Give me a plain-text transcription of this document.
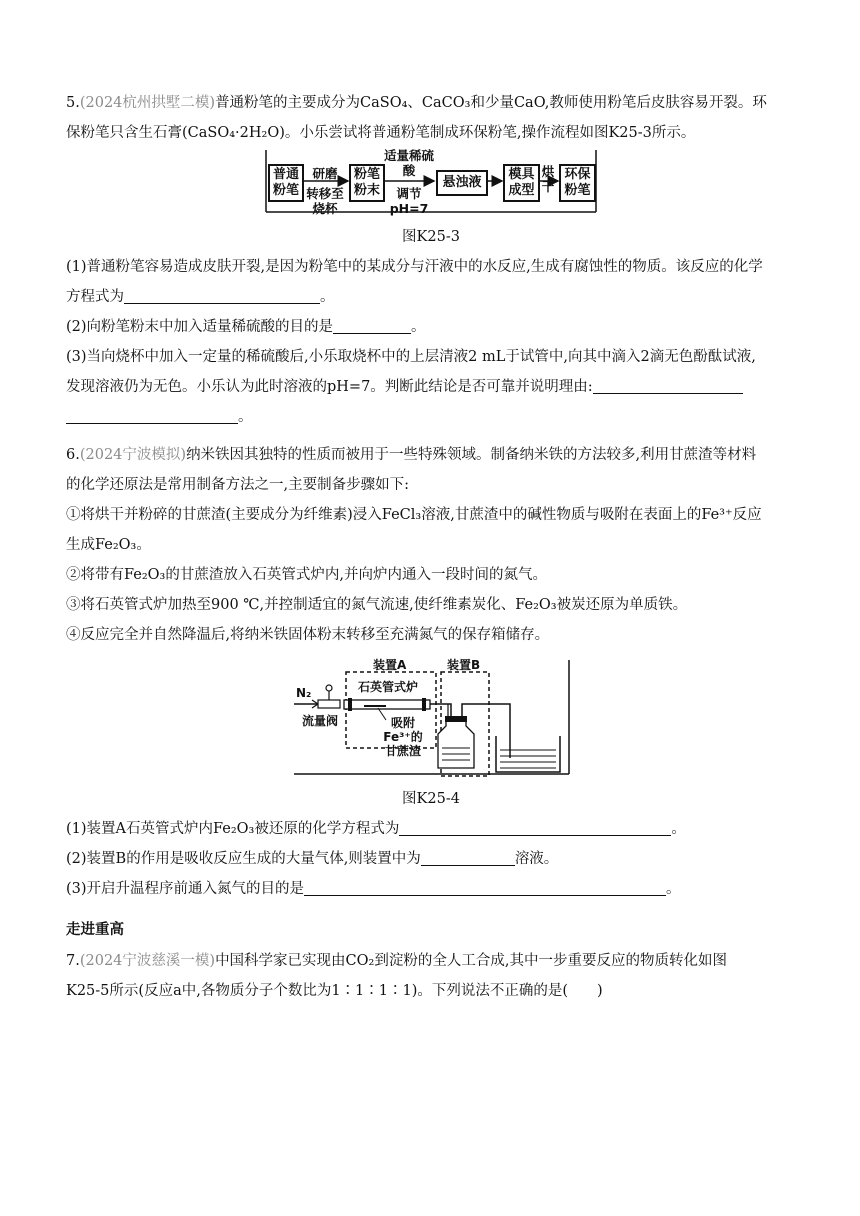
5.(2024杭州拱墅二模)普通粉笔的主要成分为CaSO₄、CaCO₃和少量CaO,教师使用粉笔后皮肤容易开裂。环

保粉笔只含生石膏(CaSO₄·2H₂O)。小乐尝试将普通粉笔制成环保粉笔,操作流程如图K25-3所示。

普通粉笔
研磨
转移至烧杯
粉笔粉末
适量稀硫酸
调节pH=7
悬浊液
模具成型
烘干
环保粉笔
图K25-3

(1)普通粉笔容易造成皮肤开裂,是因为粉笔中的某成分与汗液中的水反应,生成有腐蚀性的物质。该反应的化学

方程式为	。

(2)向粉笔粉末中加入适量稀硫酸的目的是	。

(3)当向烧杯中加入一定量的稀硫酸后,小乐取烧杯中的上层清液2 mL于试管中,向其中滴入2滴无色酚酞试液,

发现溶液仍为无色。小乐认为此时溶液的pH=7。判断此结论是否可靠并说明理由:

。

6.(2024宁波模拟)纳米铁因其独特的性质而被用于一些特殊领域。制备纳米铁的方法较多,利用甘蔗渣等材料

的化学还原法是常用制备方法之一,主要制备步骤如下:

①将烘干并粉碎的甘蔗渣(主要成分为纤维素)浸入FeCl₃溶液,甘蔗渣中的碱性物质与吸附在表面上的Fe³⁺反应

生成Fe₂O₃。

②将带有Fe₂O₃的甘蔗渣放入石英管式炉内,并向炉内通入一段时间的氮气。

③将石英管式炉加热至900 ℃,并控制适宜的氮气流速,使纤维素炭化、Fe₂O₃被炭还原为单质铁。

④反应完全并自然降温后,将纳米铁固体粉末转移至充满氮气的保存箱储存。

装置A	装置B
石英管式炉
N₂
流量阀	吸附Fe³⁺的甘蔗渣
图K25-4

(1)装置A石英管式炉内Fe₂O₃被还原的化学方程式为	。

(2)装置B的作用是吸收反应生成的大量气体,则装置中为	溶液。

(3)开启升温程序前通入氮气的目的是	。

走进重高

7.(2024宁波慈溪一模)中国科学家已实现由CO₂到淀粉的全人工合成,其中一步重要反应的物质转化如图

K25-5所示(反应a中,各物质分子个数比为1∶1∶1∶1)。下列说法不正确的是(　　)
